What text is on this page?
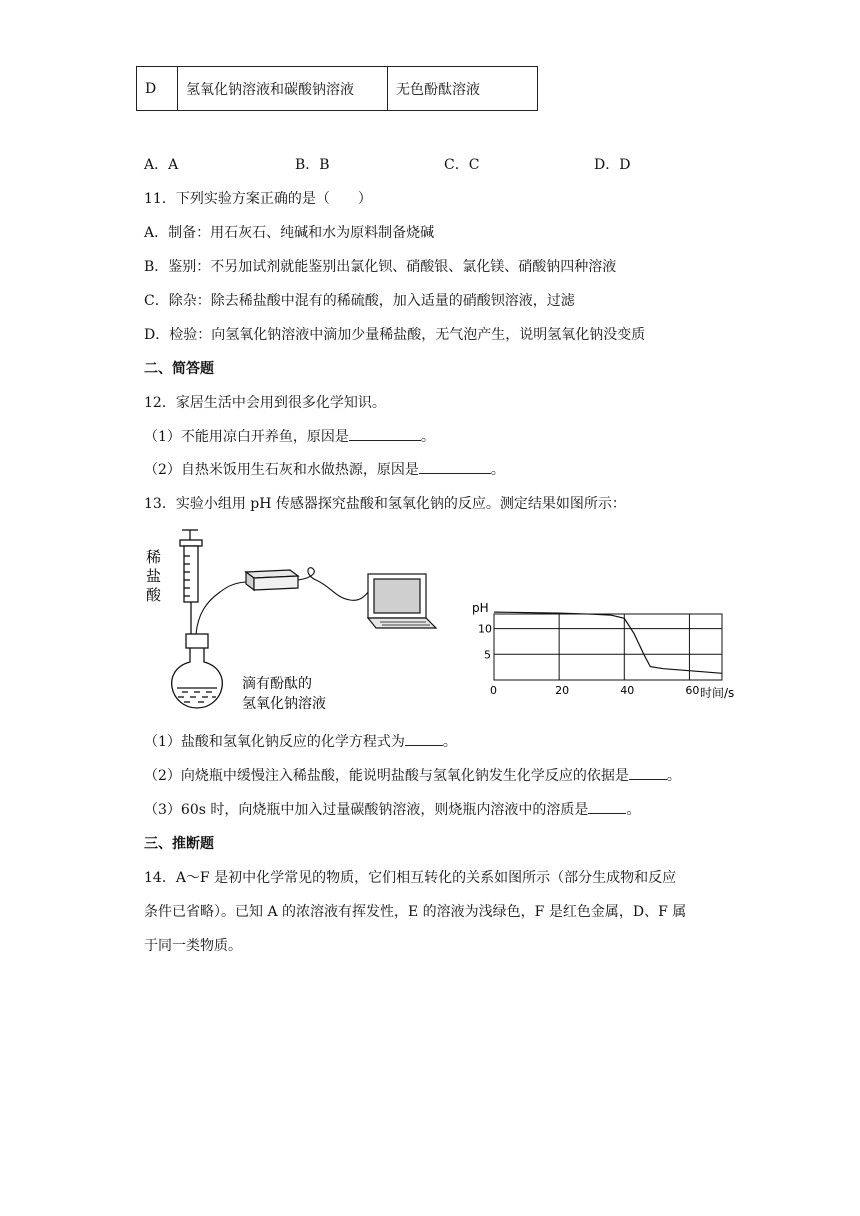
D	氢氧化钠溶液和碳酸钠溶液	无色酚酞溶液
A．A	B．B	C．C	D．D
11．下列实验方案正确的是（　　）
A．制备：用石灰石、纯碱和水为原料制备烧碱
B．鉴别：不另加试剂就能鉴别出氯化钡、硝酸银、氯化镁、硝酸钠四种溶液
C．除杂：除去稀盐酸中混有的稀硫酸，加入适量的硝酸钡溶液，过滤
D．检验：向氢氧化钠溶液中滴加少量稀盐酸，无气泡产生，说明氢氧化钠没变质
二、简答题
12．家居生活中会用到很多化学知识。
（1）不能用凉白开养鱼，原因是	。
（2）自热米饭用生石灰和水做热源，原因是	。
13．实验小组用 pH 传感器探究盐酸和氢氧化钠的反应。测定结果如图所示：
稀
盐
酸
滴有酚酞的
氢氧化钠溶液
pH
时间/s
0	20	40	60
5
10
（1）盐酸和氢氧化钠反应的化学方程式为	。
（2）向烧瓶中缓慢注入稀盐酸，能说明盐酸与氢氧化钠发生化学反应的依据是	。
（3）60s 时，向烧瓶中加入过量碳酸钠溶液，则烧瓶内溶液中的溶质是	。
三、推断题
14．A～F 是初中化学常见的物质，它们相互转化的关系如图所示（部分生成物和反应
条件已省略）。已知 A 的浓溶液有挥发性，E 的溶液为浅绿色，F 是红色金属，D、F 属
于同一类物质。
